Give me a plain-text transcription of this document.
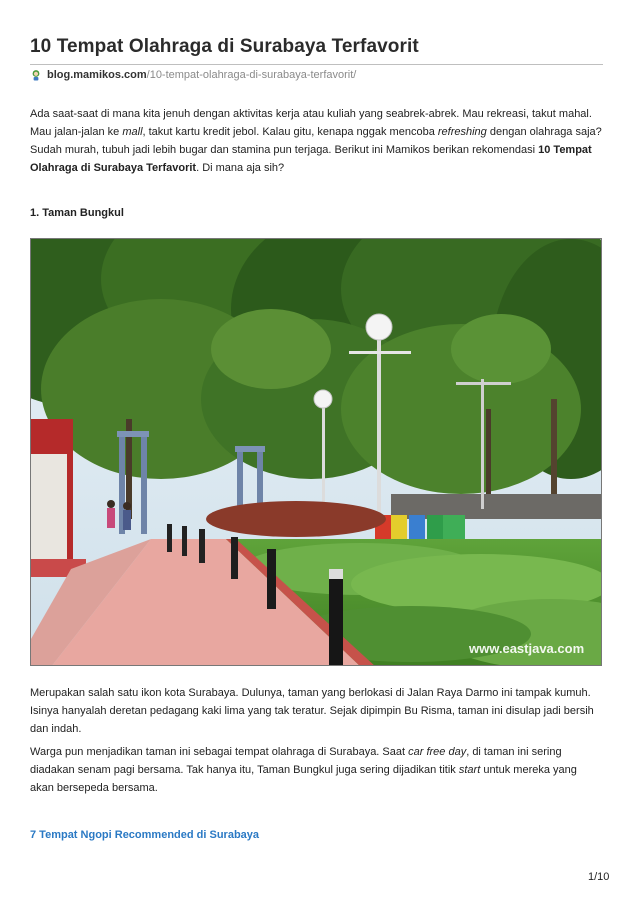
10 Tempat Olahraga di Surabaya Terfavorit
blog.mamikos.com /10-tempat-olahraga-di-surabaya-terfavorit/

Ada saat-saat di mana kita jenuh dengan aktivitas kerja atau kuliah yang seabrek-abrek. Mau rekreasi, takut mahal. Mau jalan-jalan ke mall, takut kartu kredit jebol. Kalau gitu, kenapa nggak mencoba refreshing dengan olahraga saja? Sudah murah, tubuh jadi lebih bugar dan stamina pun terjaga. Berikut ini Mamikos berikan rekomendasi 10 Tempat Olahraga di Surabaya Terfavorit. Di mana aja sih?

1. Taman Bungkul
www.eastjava.com

Merupakan salah satu ikon kota Surabaya. Dulunya, taman yang berlokasi di Jalan Raya Darmo ini tampak kumuh. Isinya hanyalah deretan pedagang kaki lima yang tak teratur. Sejak dipimpin Bu Risma, taman ini disulap jadi bersih dan indah.

Warga pun menjadikan taman ini sebagai tempat olahraga di Surabaya. Saat car free day, di taman ini sering diadakan senam pagi bersama. Tak hanya itu, Taman Bungkul juga sering dijadikan titik start untuk mereka yang akan bersepeda bersama.

7 Tempat Ngopi Recommended di Surabaya
1/10
